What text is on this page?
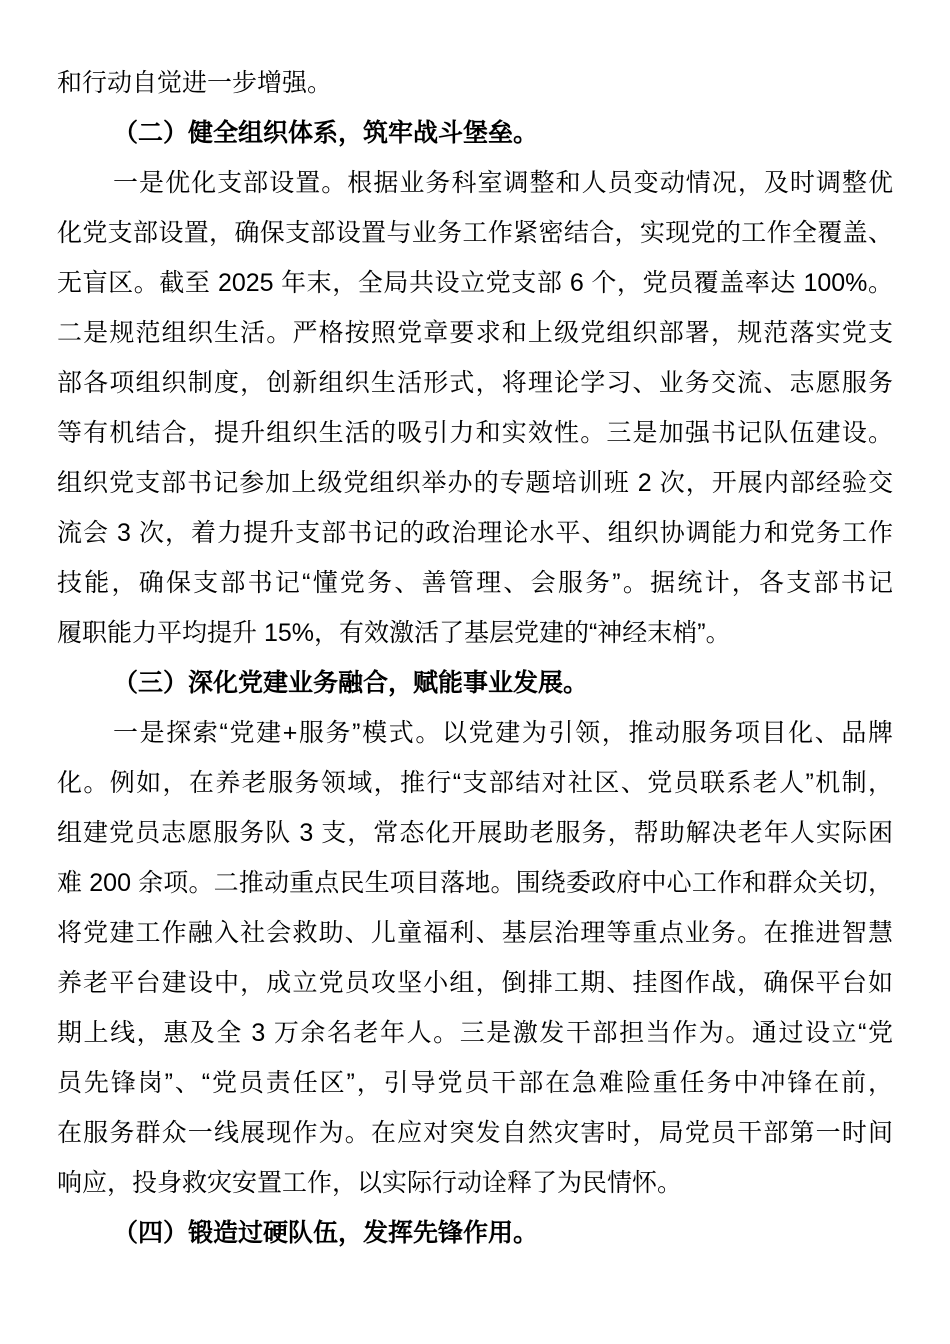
和行动自觉进一步增强。
（二）健全组织体系，筑牢战斗堡垒。
一是优化支部设置。根据业务科室调整和人员变动情况，及时调整优
化党支部设置，确保支部设置与业务工作紧密结合，实现党的工作全覆盖、
无盲区。截至 2025 年末，全局共设立党支部 6 个，党员覆盖率达 100%。
二是规范组织生活。严格按照党章要求和上级党组织部署，规范落实党支
部各项组织制度，创新组织生活形式，将理论学习、业务交流、志愿服务
等有机结合，提升组织生活的吸引力和实效性。三是加强书记队伍建设。
组织党支部书记参加上级党组织举办的专题培训班 2 次，开展内部经验交
流会 3 次，着力提升支部书记的政治理论水平、组织协调能力和党务工作
技能，确保支部书记“懂党务、善管理、会服务”。据统计，各支部书记
履职能力平均提升 15%，有效激活了基层党建的“神经末梢”。
（三）深化党建业务融合，赋能事业发展。
一是探索“党建+服务”模式。以党建为引领，推动服务项目化、品牌
化。例如，在养老服务领域，推行“支部结对社区、党员联系老人”机制，
组建党员志愿服务队 3 支，常态化开展助老服务，帮助解决老年人实际困
难 200 余项。二推动重点民生项目落地。围绕委政府中心工作和群众关切，
将党建工作融入社会救助、儿童福利、基层治理等重点业务。在推进智慧
养老平台建设中，成立党员攻坚小组，倒排工期、挂图作战，确保平台如
期上线，惠及全 3 万余名老年人。三是激发干部担当作为。通过设立“党
员先锋岗”、“党员责任区”，引导党员干部在急难险重任务中冲锋在前，
在服务群众一线展现作为。在应对突发自然灾害时，局党员干部第一时间
响应，投身救灾安置工作，以实际行动诠释了为民情怀。
（四）锻造过硬队伍，发挥先锋作用。
